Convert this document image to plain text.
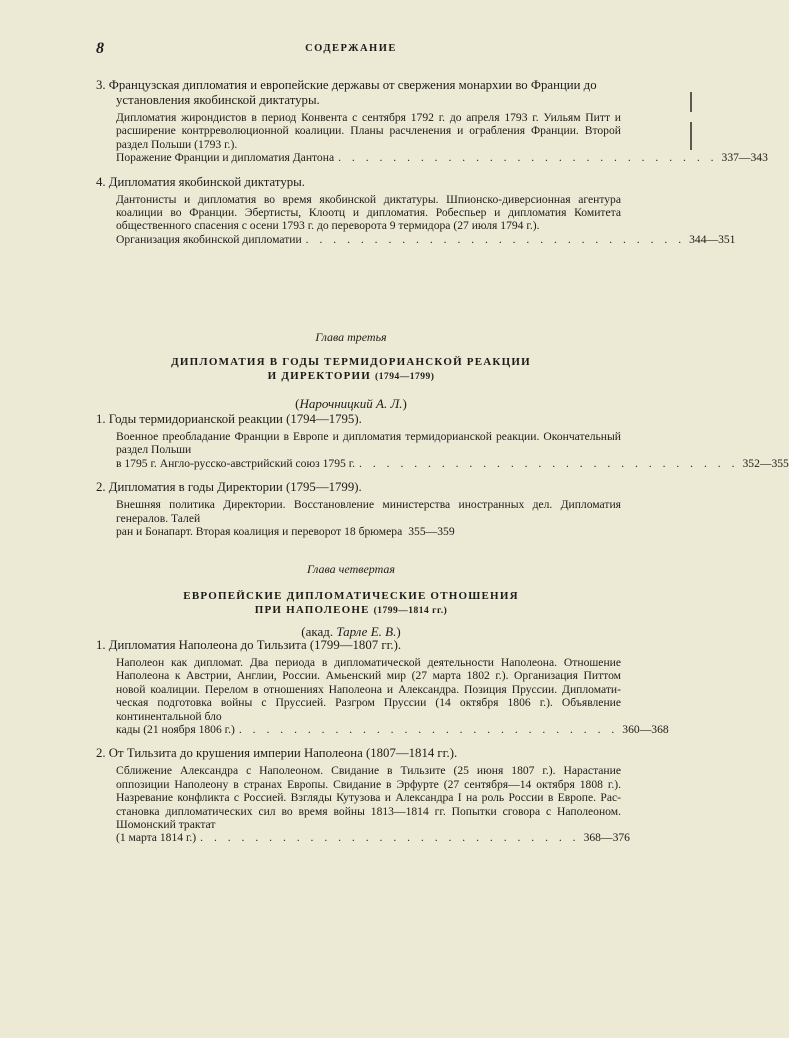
8	СОДЕРЖАНИЕ
3. Французская дипломатия и европейские державы от свержения монархии во Франции до установления якобинской диктатуры.
Дипломатия жирондистов в период Конвента с сентября 1792 г. до апреля 1793 г. Уильям Питт и расширение контрреволюционной коалиции. Планы расчленения и ограбления Франции. Второй раздел Польши (1793 г.).
Поражение Франции и дипломатия Дантона . . . . . . . . . . . . . . . . . . . . . . . . . . . . 337—343
4. Дипломатия якобинской диктатуры.
Дантонисты и дипломатия во время якобинской диктатуры. Шпионско-диверсионная агентура коалиции во Франции. Эбертисты, Клоотц и дипломатия. Робеспьер и дипломатия Комитета общественного спасения с осени 1793 г. до переворота 9 термидора (27 июля 1794 г.).
Организация якобинской дипломатии . . . . . . . . . . . . . . . . . . . . . . . . . . . . 344—351
Глава третья
ДИПЛОМАТИЯ В ГОДЫ ТЕРМИДОРИАНСКОЙ РЕАКЦИИ
И ДИРЕКТОРИИ (1794—1799)
(Нарочницкий А. Л.)
1. Годы термидорианской реакции (1794—1795).
Военное преобладание Франции в Европе и дипломатия термидорианской реакции. Окончательный раздел Польши
в 1795 г. Англо-русско-австрийский союз 1795 г. . . . . . . . . . . . . . . . . . . . . . . . . . . . . 352—355
2. Дипломатия в годы Директории (1795—1799).
Внешняя политика Директории. Восстановление министерства иностранных дел. Дипломатия генералов. Талей
ран и Бонапарт. Вторая коалиция и переворот 18 брюмера 355—359
Глава четвертая
ЕВРОПЕЙСКИЕ ДИПЛОМАТИЧЕСКИЕ ОТНОШЕНИЯ
ПРИ НАПОЛЕОНЕ (1799—1814 гг.)
(акад. Тарле Е. В.)
1. Дипломатия Наполеона до Тильзита (1799—1807 гг.).
Наполеон как дипломат. Два периода в дипломатической деятельности Наполеона. Отношение Наполеона к Австрии, Англии, России. Амьенский мир (27 марта 1802 г.). Организация Питтом новой коалиции. Перелом в отношениях Наполеона и Александра. Позиция Пруссии. Дипломатическая подготовка войны с Пруссией. Разгром Пруссии (14 октября 1806 г.). Объявление континентальной бло
кады (21 ноября 1806 г.) . . . . . . . . . . . . . . . . . . . . . . . . . . . . 360—368
2. От Тильзита до крушения империи Наполеона (1807—1814 гг.).
Сближение Александра с Наполеоном. Свидание в Тильзите (25 июня 1807 г.). Нарастание оппозиции Наполеону в странах Европы. Свидание в Эрфурте (27 сентября—14 октября 1808 г.). Назревание конфликта с Россией. Взгляды Кутузова и Александра I на роль России в Европе. Расстановка дипломатических сил во время войны 1813—1814 гг. Попытки сговора с Наполеоном. Шомонский трактат
(1 марта 1814 г.) . . . . . . . . . . . . . . . . . . . . . . . . . . . . 368—376
